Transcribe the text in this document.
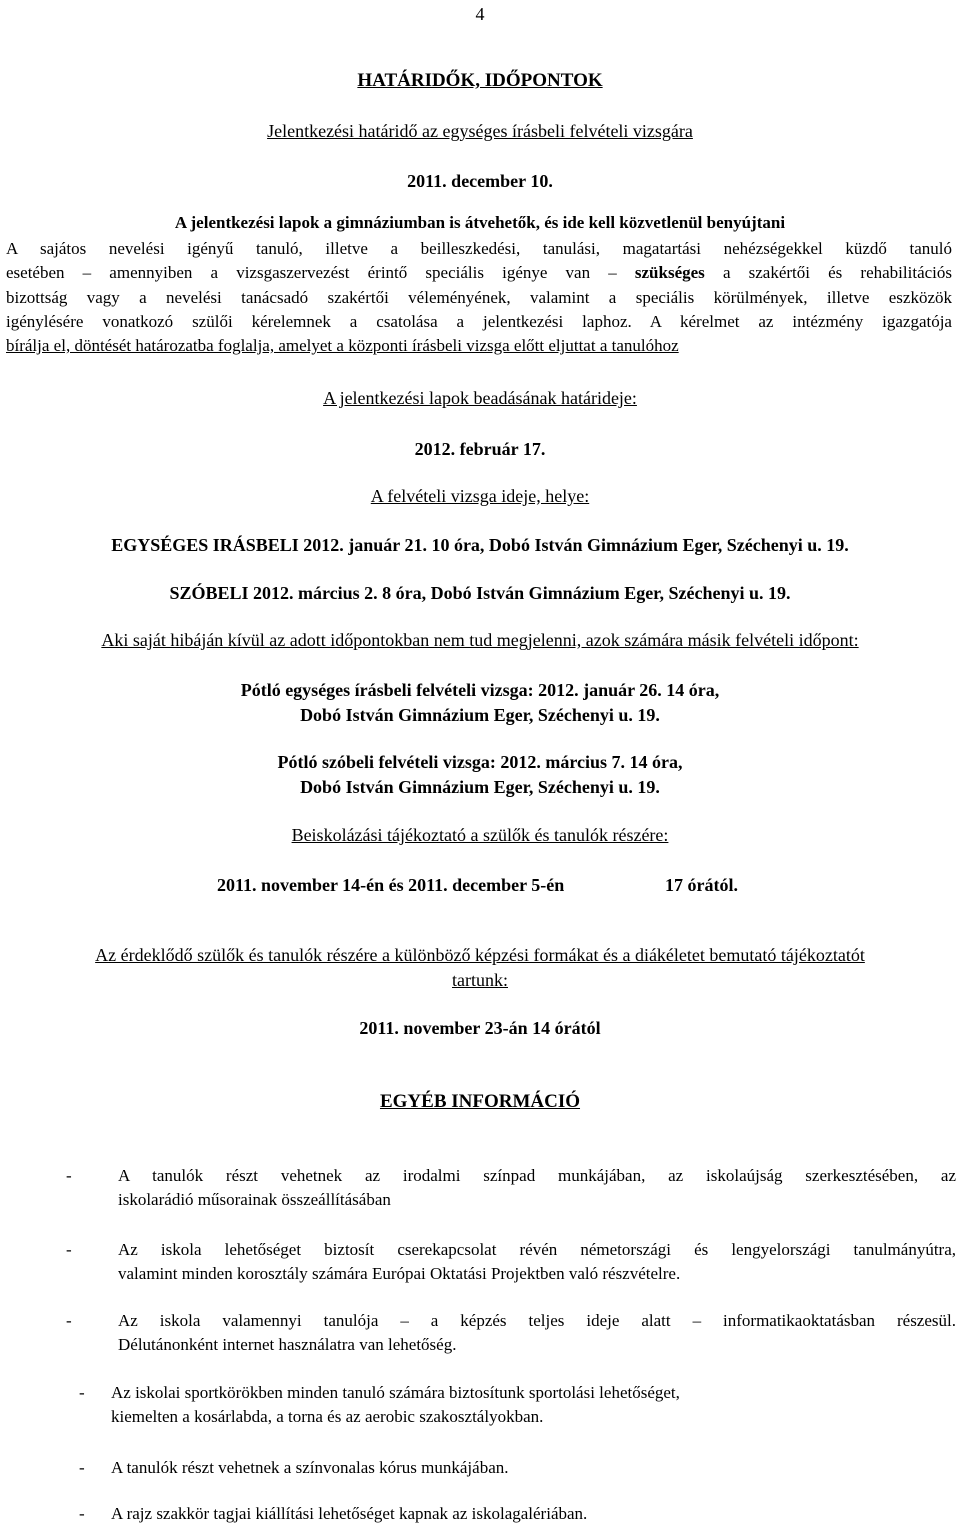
4
HATÁRIDŐK, IDŐPONTOK
Jelentkezési határidő az egységes írásbeli felvételi vizsgára
2011. december 10.
A jelentkezési lapok a gimnáziumban is átvehetők, és ide kell közvetlenül benyújtani
A sajátos nevelési igényű tanuló, illetve a beilleszkedési, tanulási, magatartási nehézségekkel küzdő tanuló
esetében – amennyiben a vizsgaszervezést érintő speciális igénye van – szükséges a szakértői és rehabilitációs
bizottság vagy a nevelési tanácsadó szakértői véleményének, valamint a speciális körülmények, illetve eszközök
igénylésére vonatkozó szülői kérelemnek a csatolása a jelentkezési laphoz. A kérelmet az intézmény igazgatója
bírálja el, döntését határozatba foglalja, amelyet a központi írásbeli vizsga előtt eljuttat a tanulóhoz
A jelentkezési lapok beadásának határideje:
2012. február 17.
A felvételi vizsga ideje, helye:
EGYSÉGES IRÁSBELI 2012. január 21. 10 óra, Dobó István Gimnázium Eger, Széchenyi u. 19.
SZÓBELI 2012. március 2. 8 óra, Dobó István Gimnázium Eger, Széchenyi u. 19.
Aki saját hibáján kívül az adott időpontokban nem tud megjelenni, azok számára másik felvételi időpont:
Pótló egységes írásbeli felvételi vizsga: 2012. január 26. 14 óra,
Dobó István Gimnázium Eger, Széchenyi u. 19.
Pótló szóbeli felvételi vizsga: 2012. március 7. 14 óra,
Dobó István Gimnázium Eger, Széchenyi u. 19.
Beiskolázási tájékoztató a szülők és tanulók részére:
2011. november 14-én és 2011. december 5-én	17 órától.
Az érdeklődő szülők és tanulók részére a különböző képzési formákat és a diákéletet bemutató tájékoztatót
tartunk:
2011. november 23-án 14 órától
EGYÉB INFORMÁCIÓ
-	A tanulók részt vehetnek az irodalmi színpad munkájában, az iskolaújság szerkesztésében, az
iskolarádió műsorainak összeállításában
-	Az iskola lehetőséget biztosít cserekapcsolat révén németországi és lengyelországi tanulmányútra,
valamint minden korosztály számára Európai Oktatási Projektben való részvételre.
-	Az iskola valamennyi tanulója – a képzés teljes ideje alatt – informatikaoktatásban részesül.
Délutánonként internet használatra van lehetőség.
- Az iskolai sportkörökben minden tanuló számára biztosítunk sportolási lehetőséget,
kiemelten a kosárlabda, a torna és az aerobic szakosztályokban.
- A tanulók részt vehetnek a színvonalas kórus munkájában.
- A rajz szakkör tagjai kiállítási lehetőséget kapnak az iskolagalériában.
